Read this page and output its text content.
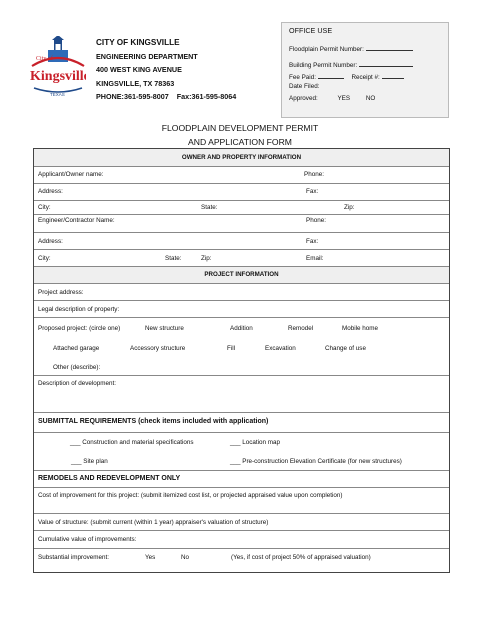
City of
Kingsville
TEXAS
CITY OF KINGSVILLE
ENGINEERING DEPARTMENT
400 WEST KING AVENUE
KINGSVILLE, TX 78363
PHONE:361-595-8007 Fax:361-595-8064
OFFICE USE
Floodplain Permit Number:
Building Permit Number:
Fee Paid:	Receipt #:
Date Filed:
Approved:	YES	NO
FLOODPLAIN DEVELOPMENT PERMIT
AND APPLICATION FORM
OWNER AND PROPERTY INFORMATION
Applicant/Owner name:	Phone:
Address:	Fax:
City:	State:	Zip:
Engineer/Contractor Name:	Phone:
Address:	Fax:
City:	State:	Zip:	Email:
PROJECT INFORMATION
Project address:
Legal description of property:
Proposed project: (circle one)	New structure	Addition	Remodel	Mobile home
Attached garage	Accessory structure	Fill	Excavation	Change of use
Other (describe):
Description of development:
SUBMITTAL REQUIREMENTS (check items included with application)
___ Construction and material specifications	___ Location map
___ Site plan	___ Pre-construction Elevation Certificate (for new structures)
REMODELS AND REDEVELOPMENT ONLY
Cost of improvement for this project: (submit itemized cost list, or projected appraised value upon completion)
Value of structure: (submit current (within 1 year) appraiser's valuation of structure)
Cumulative value of improvements:
Substantial improvement:	Yes	No	(Yes, if cost of project 50% of appraised valuation)
